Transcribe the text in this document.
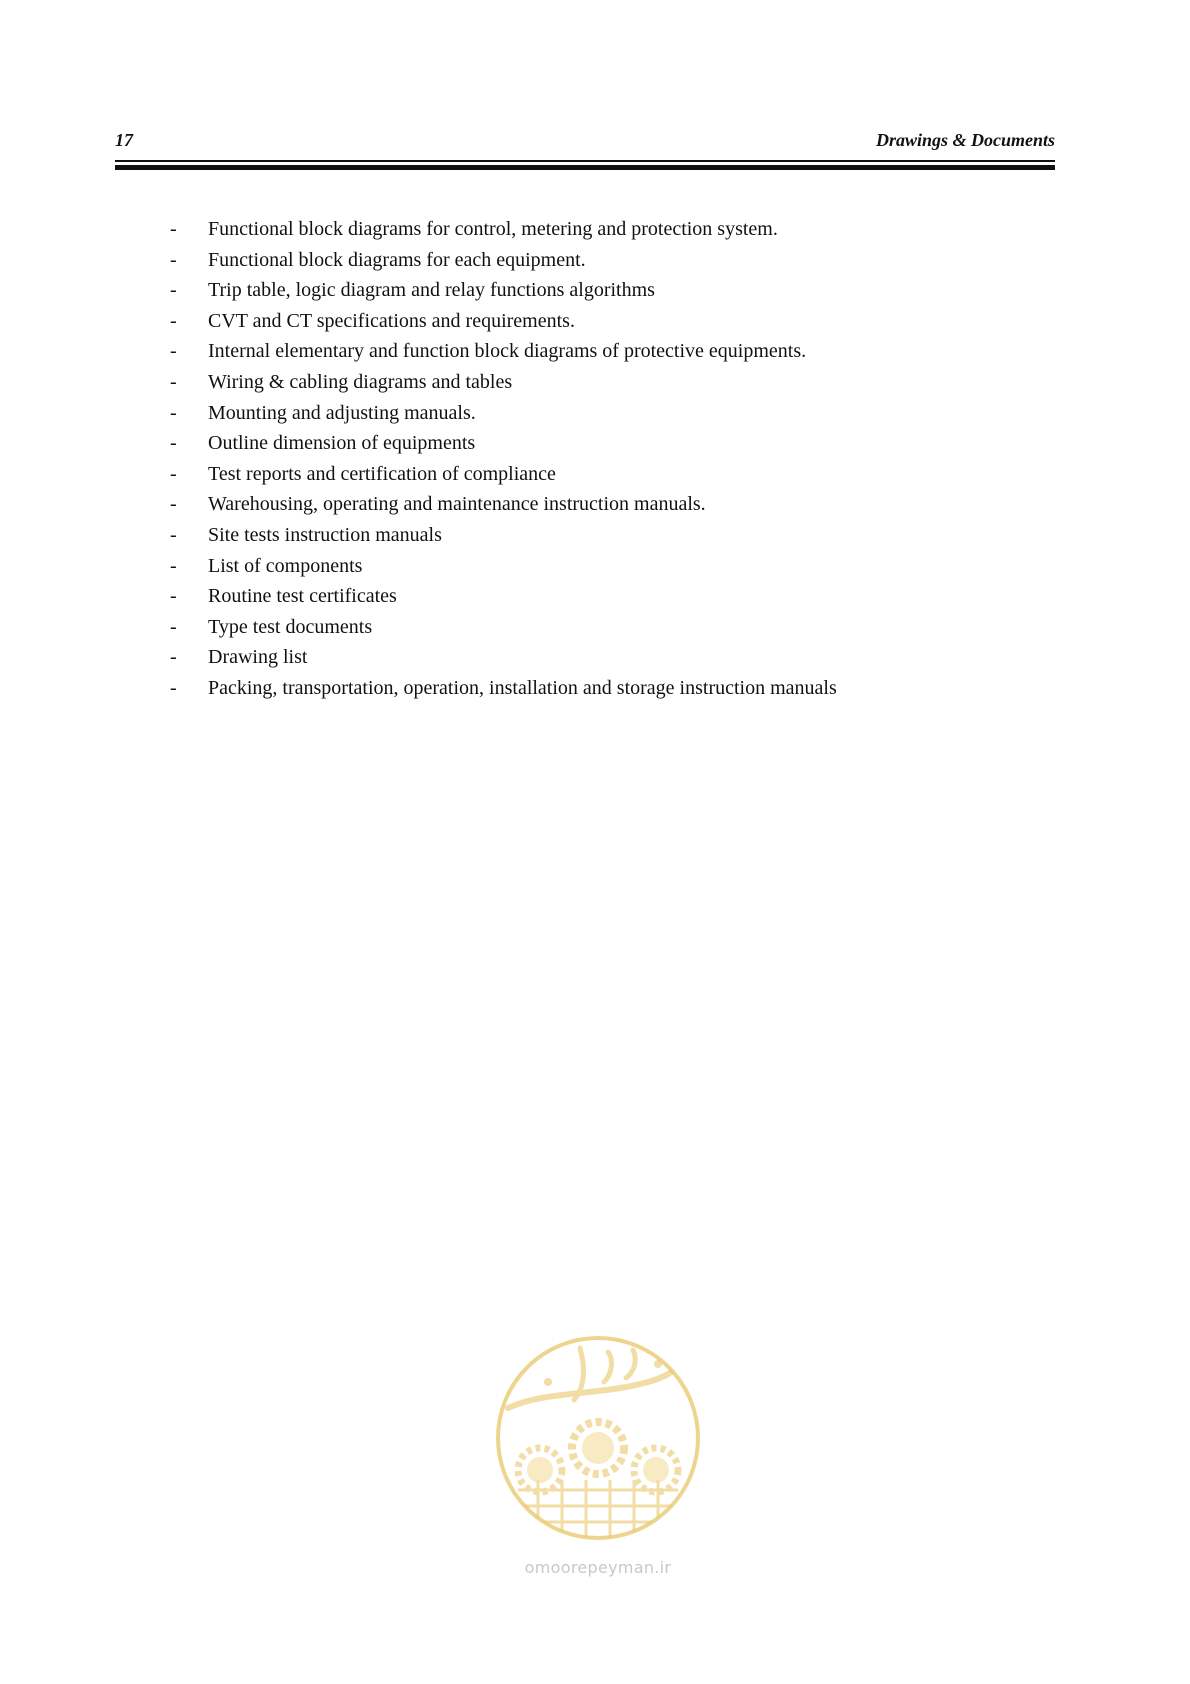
17	Drawings & Documents
- Functional block diagrams for control, metering and protection system.
- Functional block diagrams for each equipment.
- Trip table, logic diagram and relay functions algorithms
- CVT and CT specifications and requirements.
- Internal elementary and function block diagrams of protective equipments.
- Wiring & cabling diagrams and tables
- Mounting and adjusting manuals.
- Outline dimension of equipments
- Test reports and certification of compliance
- Warehousing, operating and maintenance instruction manuals.
- Site tests instruction manuals
- List of components
- Routine test certificates
- Type test documents
- Drawing list
- Packing, transportation, operation, installation and storage instruction manuals
omoorepeyman.ir
